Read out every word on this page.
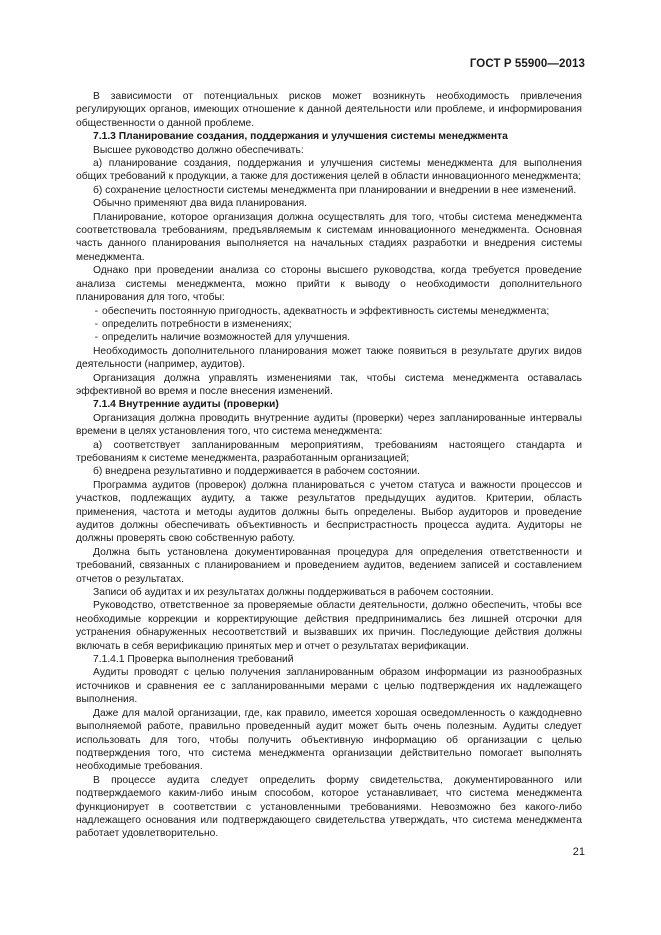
ГОСТ Р 55900—2013

В зависимости от потенциальных рисков может возникнуть необходимость привлечения регулирующих органов, имеющих отношение к данной деятельности или проблеме, и информирования общественности о данной проблеме.

7.1.3 Планирование создания, поддержания и улучшения системы менеджмента

Высшее руководство должно обеспечивать:

а) планирование создания, поддержания и улучшения системы менеджмента для выполнения общих требований к продукции, а также для достижения целей в области инновационного менеджмента;

б) сохранение целостности системы менеджмента при планировании и внедрении в нее изменений.

Обычно применяют два вида планирования.

Планирование, которое организация должна осуществлять для того, чтобы система менеджмента соответствовала требованиям, предъявляемым к системам инновационного менеджмента. Основная часть данного планирования выполняется на начальных стадиях разработки и внедрения системы менеджмента.

Однако при проведении анализа со стороны высшего руководства, когда требуется проведение анализа системы менеджмента, можно прийти к выводу о необходимости дополнительного планирования для того, чтобы:

- обеспечить постоянную пригодность, адекватность и эффективность системы менеджмента;

- определить потребности в изменениях;

- определить наличие возможностей для улучшения.

Необходимость дополнительного планирования может также появиться в результате других видов деятельности (например, аудитов).

Организация должна управлять изменениями так, чтобы система менеджмента оставалась эффективной во время и после внесения изменений.

7.1.4 Внутренние аудиты (проверки)

Организация должна проводить внутренние аудиты (проверки) через запланированные интервалы времени в целях установления того, что система менеджмента:

а) соответствует запланированным мероприятиям, требованиям настоящего стандарта и требованиям к системе менеджмента, разработанным организацией;

б) внедрена результативно и поддерживается в рабочем состоянии.

Программа аудитов (проверок) должна планироваться с учетом статуса и важности процессов и участков, подлежащих аудиту, а также результатов предыдущих аудитов. Критерии, область применения, частота и методы аудитов должны быть определены. Выбор аудиторов и проведение аудитов должны обеспечивать объективность и беспристрастность процесса аудита. Аудиторы не должны проверять свою собственную работу.

Должна быть установлена документированная процедура для определения ответственности и требований, связанных с планированием и проведением аудитов, ведением записей и составлением отчетов о результатах.

Записи об аудитах и их результатах должны поддерживаться в рабочем состоянии.

Руководство, ответственное за проверяемые области деятельности, должно обеспечить, чтобы все необходимые коррекции и корректирующие действия предпринимались без лишней отсрочки для устранения обнаруженных несоответствий и вызвавших их причин. Последующие действия должны включать в себя верификацию принятых мер и отчет о результатах верификации.

7.1.4.1 Проверка выполнения требований

Аудиты проводят с целью получения запланированным образом информации из разнообразных источников и сравнения ее с запланированными мерами с целью подтверждения их надлежащего выполнения.

Даже для малой организации, где, как правило, имеется хорошая осведомленность о каждодневно выполняемой работе, правильно проведенный аудит может быть очень полезным. Аудиты следует использовать для того, чтобы получить объективную информацию об организации с целью подтверждения того, что система менеджмента организации действительно помогает выполнять необходимые требования.

В процессе аудита следует определить форму свидетельства, документированного или подтверждаемого каким-либо иным способом, которое устанавливает, что система менеджмента функционирует в соответствии с установленными требованиями. Невозможно без какого-либо надлежащего основания или подтверждающего свидетельства утверждать, что система менеджмента работает удовлетворительно.

21
